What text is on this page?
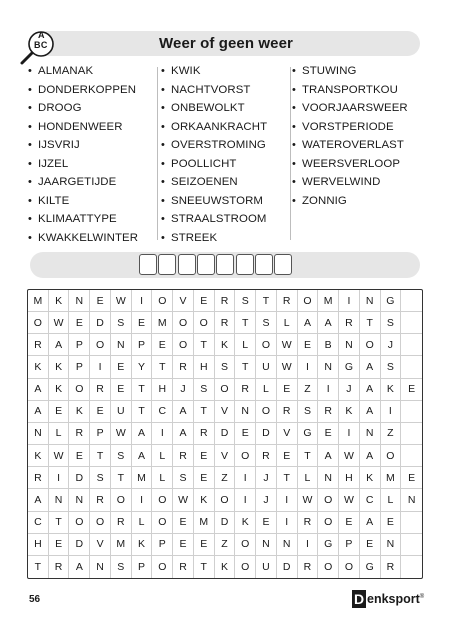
Weer of geen weer
A
BC
• ALMANAK
• DONDERKOPPEN
• DROOG
• HONDENWEER
• IJSVRIJ
• IJZEL
• JAARGETIJDE
• KILTE
• KLIMAATTYPE
• KWAKKELWINTER
• KWIK
• NACHTVORST
• ONBEWOLKT
• ORKAANKRACHT
• OVERSTROMING
• POOLLICHT
• SEIZOENEN
• SNEEUWSTORM
• STRAALSTROOM
• STREEK
• STUWING
• TRANSPORTKOU
• VOORJAARSWEER
• VORSTPERIODE
• WATEROVERLAST
• WEERSVERLOOP
• WERVELWIND
• ZONNIG
M	K	N	E	W	I	O	V	E	R	S	T	R	O	M	I	N	G
O	W	E	D	S	E	M	O	O	R	T	S	L	A	A	R	T	S
R	A	P	O	N	P	E	O	T	K	L	O	W	E	B	N	O	J
K	K	P	I	E	Y	T	R	H	S	T	U	W	I	N	G	A	S
A	K	O	R	E	T	H	J	S	O	R	L	E	Z	I	J	A	K	E
A	E	K	E	U	T	C	A	T	V	N	O	R	S	R	K	A	I
N	L	R	P	W	A	I	A	R	D	E	D	V	G	E	I	N	Z
K	W	E	T	S	A	L	R	E	V	O	R	E	T	A	W	A	O
R	I	D	S	T	M	L	S	E	Z	I	J	T	L	N	H	K	M	E
A	N	N	R	O	I	O	W	K	O	I	J	I	W	O	W	C	L	N
C	T	O	O	R	L	O	E	M	D	K	E	I	R	O	E	A	E
H	E	D	V	M	K	P	E	E	Z	O	N	N	I	G	P	E	N
T	R	A	N	S	P	O	R	T	K	O	U	D	R	O	O	G	R
56	D enksport®
